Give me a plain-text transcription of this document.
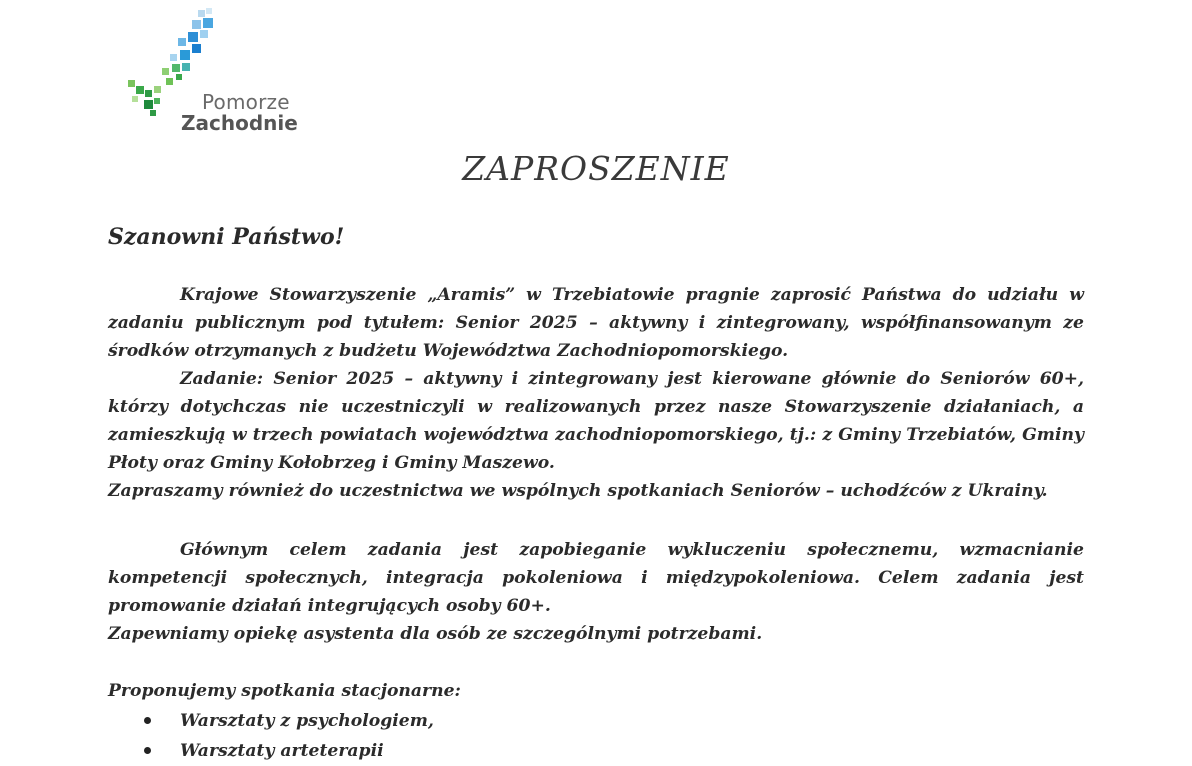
Pomorze
Zachodnie
ZAPROSZENIE
Szanowni Państwo!

Krajowe Stowarzyszenie „Aramis” w Trzebiatowie pragnie zaprosić Państwa do udziału w zadaniu publicznym pod tytułem: Senior 2025 – aktywny i zintegrowany, współfinansowanym ze środków otrzymanych z budżetu Województwa Zachodniopomorskiego.

Zadanie: Senior 2025 – aktywny i zintegrowany jest kierowane głównie do Seniorów 60+, którzy dotychczas nie uczestniczyli w realizowanych przez nasze Stowarzyszenie działaniach, a zamieszkują w trzech powiatach województwa zachodniopomorskiego, tj.: z Gminy Trzebiatów, Gminy Płoty oraz Gminy Kołobrzeg i Gminy Maszewo.

Zapraszamy również do uczestnictwa we wspólnych spotkaniach Seniorów – uchodźców z Ukrainy.

Głównym celem zadania jest zapobieganie wykluczeniu społecznemu, wzmacnianie kompetencji społecznych, integracja pokoleniowa i międzypokoleniowa. Celem zadania jest promowanie działań integrujących osoby 60+.

Zapewniamy opiekę asystenta dla osób ze szczególnymi potrzebami.
Proponujemy spotkania stacjonarne:
Warsztaty z psychologiem,
Warsztaty arteterapii
